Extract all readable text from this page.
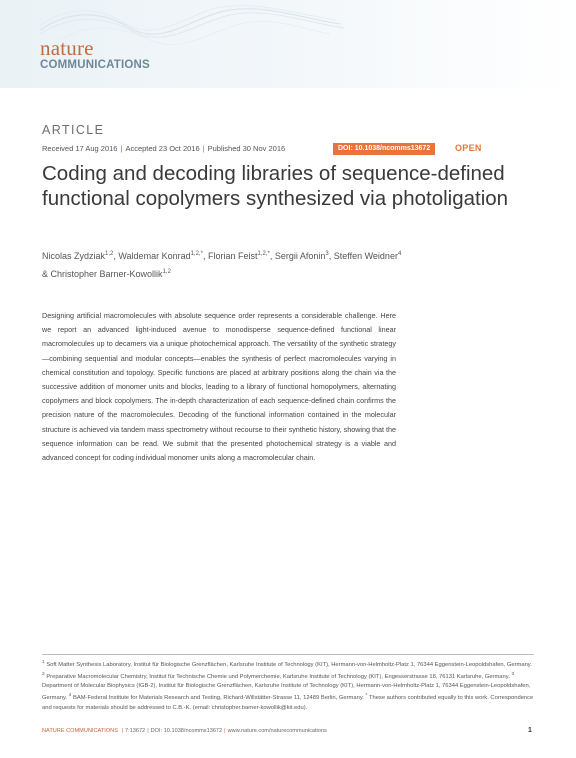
nature
COMMUNICATIONS
ARTICLE
Received 17 Aug 2016 | Accepted 23 Oct 2016 | Published 30 Nov 2016	DOI: 10.1038/ncomms13672	OPEN
Coding and decoding libraries of sequence-defined functional copolymers synthesized via photoligation
Nicolas Zydziak$^{1,2}$, Waldemar Konrad$^{1,2,*}$, Florian Feist$^{1,2,*}$, Sergii Afonin$^3$, Steffen Weidner$^4$
& Christopher Barner-Kowollik$^{1,2}$
Designing artificial macromolecules with absolute sequence order represents a considerable challenge. Here we report an advanced light-induced avenue to monodisperse sequence-defined functional linear macromolecules up to decamers via a unique photochemical approach. The versatility of the synthetic strategy—combining sequential and modular concepts—enables the synthesis of perfect macromolecules varying in chemical constitution and topology. Specific functions are placed at arbitrary positions along the chain via the successive addition of monomer units and blocks, leading to a library of functional homopolymers, alternating copolymers and block copolymers. The in-depth characterization of each sequence-defined chain confirms the precision nature of the macromolecules. Decoding of the functional information contained in the molecular structure is achieved via tandem mass spectrometry without recourse to their synthetic history, showing that the sequence information can be read. We submit that the presented photochemical strategy is a viable and advanced concept for coding individual monomer units along a macromolecular chain.
$^1$ Soft Matter Synthesis Laboratory, Institut für Biologische Grenzflächen, Karlsruhe Institute of Technology (KIT), Hermann-von-Helmholtz-Platz 1, 76344 Eggenstein-Leopoldshafen, Germany. $^2$ Preparative Macromolecular Chemistry, Institut für Technische Chemie und Polymerchemie, Karlsruhe Institute of Technology (KIT), Engesserstrasse 18, 76131 Karlsruhe, Germany. $^3$ Department of Molecular Biophysics (IGB-2), Institut für Biologische Grenzflächen, Karlsruhe Institute of Technology (KIT), Hermann-von-Helmholtz-Platz 1, 76344 Eggenstein-Leopoldshafen, Germany. $^4$ BAM-Federal Institute for Materials Research and Testing, Richard-Willstätter-Strasse 11, 12489 Berlin, Germany. * These authors contributed equally to this work. Correspondence and requests for materials should be addressed to C.B.-K. (email: christopher.barner-kowollik@kit.edu).
NATURE COMMUNICATIONS | 7:13672 | DOI: 10.1038/ncomms13672 | www.nature.com/naturecommunications	1
